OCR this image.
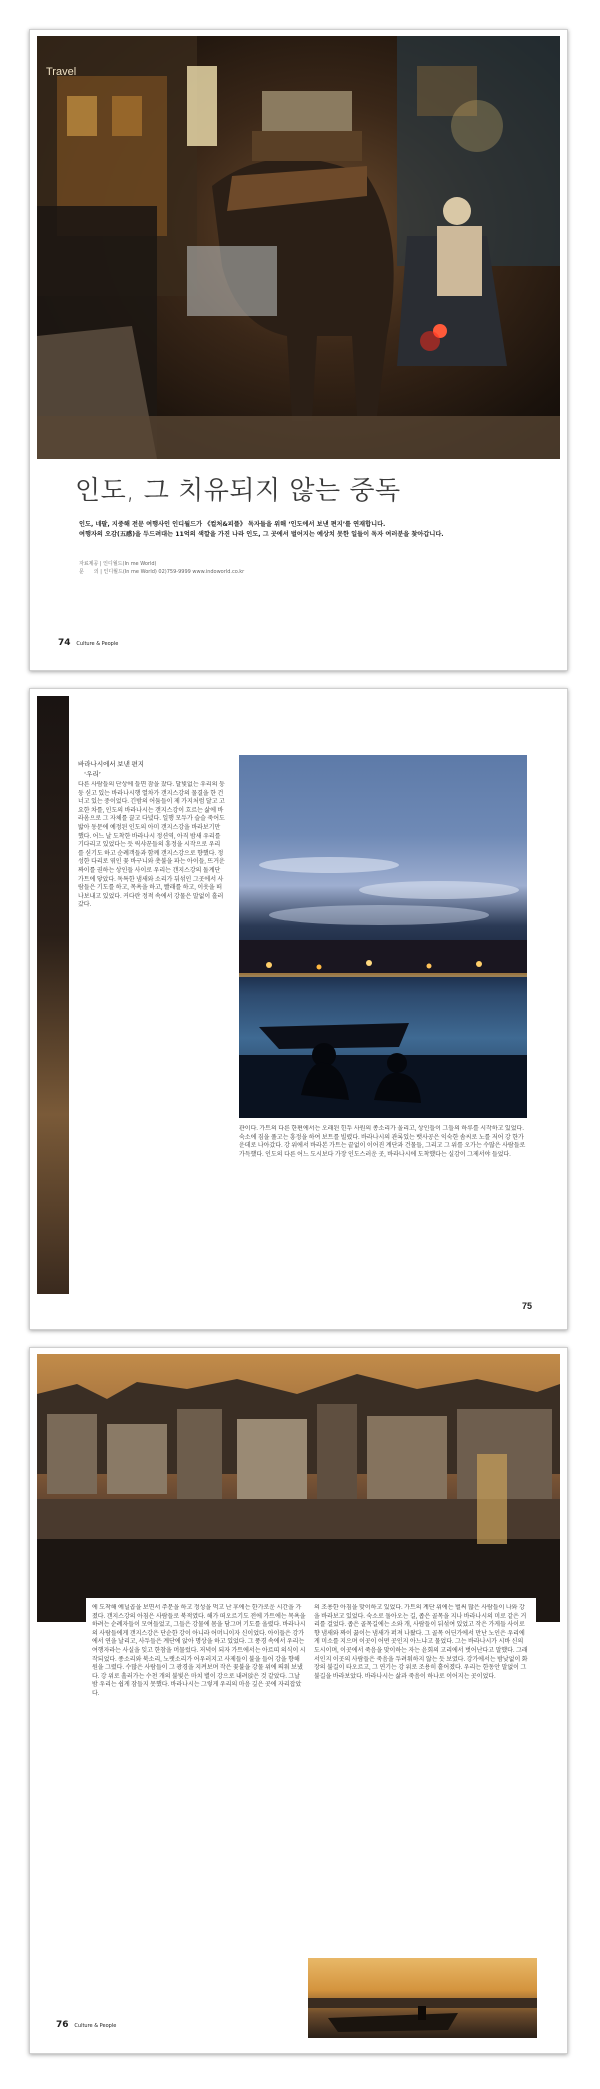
Travel
인도, 그 치유되지 않는 중독
인도, 네팔, 지중해 전문 여행사인 인디월드가 《컬처&피플》 독자들을 위해 ‘인도에서 보낸 편지’를 연재합니다.
여행자의 오감(五感)을 두드려대는 11억의 색깔을 가진 나라 인도, 그 곳에서 벌어지는 예상치 못한 일들이 독자 여러분을 찾아갑니다.
자료제공 | 인디월드(In me World)
문　　의 | 인디월드(In me World) 02)759-9999 www.indoworld.co.kr
74 Culture & People
바라나시에서 보낸 편지
‘우리’
다른 사람들의 단상에 들면 잠을 잤다. 달빛없는 우리의 둥둥 싣고 있는 바라나시행 열차가 갠지스강의 물결을 한 건너고 있는 중이었다. 긴밤의 어둠들이 제 가지처럼 달고 고요한 차를, 인도의 바라나시는 갠지스강이 흐르는 삶에 바라옴으로 그 자체를 끌고 다녔다. 일행 모두가 슬슬 죽어도 밟아 동문에 예정된 인도의 아미 갠지스강을 바라보기만 했다. 어느 날 도착한 바라나시 정션역, 아직 밤새 우리를 기다리고 있었다는 듯 릭샤꾼들의 흥정을 시작으로 우리를 싣기도 하고 순례객들과 함께 갠지스강으로 향했다. 정성한 다리로 엮인 꽃 바구니와 촛불을 파는 아이들, 뜨거운 짜이를 권하는 상인들 사이로 우리는 갠지스강의 돌계단 가트에 닿았다. 독특한 냄새와 소리가 뒤섞인 그곳에서 사람들은 기도를 하고, 목욕을 하고, 빨래를 하고, 이웃을 떠나보내고 있었다. 커다란 정적 속에서 강물은 말없이 흘러갔다.
관이다. 가트의 다른 한편에서는 오래된 힌두 사원의 종소리가 울리고, 상인들이 그들의 하루를 시작하고 있었다. 숙소에 짐을 풀고는 흥정을 하여 보트를 빌렸다. 바라나시의 관록있는 뱃사공은 익숙한 솜씨로 노를 저어 강 한가운데로 나아갔다. 강 위에서 바라본 가트는 끝없이 이어진 계단과 건물들, 그리고 그 위를 오가는 수많은 사람들로 가득했다. 인도의 다른 어느 도시보다 가장 인도스러운 곳, 바라나시에 도착했다는 실감이 그제서야 들었다.
75
에 도착해 예닐곱을 보면서 주문을 하고 정성을 먹고 난 후에는 한가로운 시간을 가졌다. 갠지스강의 아침은 사람들로 북적였다. 해가 떠오르기도 전에 가트에는 목욕을 하려는 순례자들이 모여들었고, 그들은 강물에 몸을 담그며 기도를 올렸다. 바라나시의 사람들에게 갠지스강은 단순한 강이 아니라 어머니이자 신이었다. 아이들은 강가에서 연을 날리고, 사두들은 계단에 앉아 명상을 하고 있었다. 그 풍경 속에서 우리는 여행자라는 사실을 잊고 한참을 머물렀다. 저녁이 되자 가트에서는 아르띠 의식이 시작되었다. 종소리와 북소리, 노랫소리가 어우러지고 사제들이 불을 들어 강을 향해 원을 그렸다. 수많은 사람들이 그 광경을 지켜보며 작은 꽃불을 강물 위에 띄워 보냈다. 강 위로 흘러가는 수천 개의 불빛은 마치 별이 강으로 내려앉은 것 같았다. 그날 밤 우리는 쉽게 잠들지 못했다. 바라나시는 그렇게 우리의 마음 깊은 곳에 자리잡았다.
의 조용한 아침을 맞이하고 있었다. 가트의 계단 위에는 벌써 많은 사람들이 나와 강을 바라보고 있었다. 숙소로 돌아오는 길, 좁은 골목을 지나 바라나시의 미로 같은 거리를 걸었다. 좁은 골목길에는 소와 개, 사람들이 뒤섞여 있었고 작은 가게들 사이로 향 냄새와 짜이 끓이는 냄새가 퍼져 나왔다. 그 골목 어딘가에서 만난 노인은 우리에게 미소를 지으며 이곳이 어떤 곳인지 아느냐고 물었다. 그는 바라나시가 시바 신의 도시이며, 이곳에서 죽음을 맞이하는 자는 윤회의 고리에서 벗어난다고 말했다. 그래서인지 이곳의 사람들은 죽음을 두려워하지 않는 듯 보였다. 강가에서는 밤낮없이 화장의 불길이 타오르고, 그 연기는 강 위로 조용히 흩어졌다. 우리는 한동안 말없이 그 불길을 바라보았다. 바라나시는 삶과 죽음이 하나로 이어지는 곳이었다.
76 Culture & People
